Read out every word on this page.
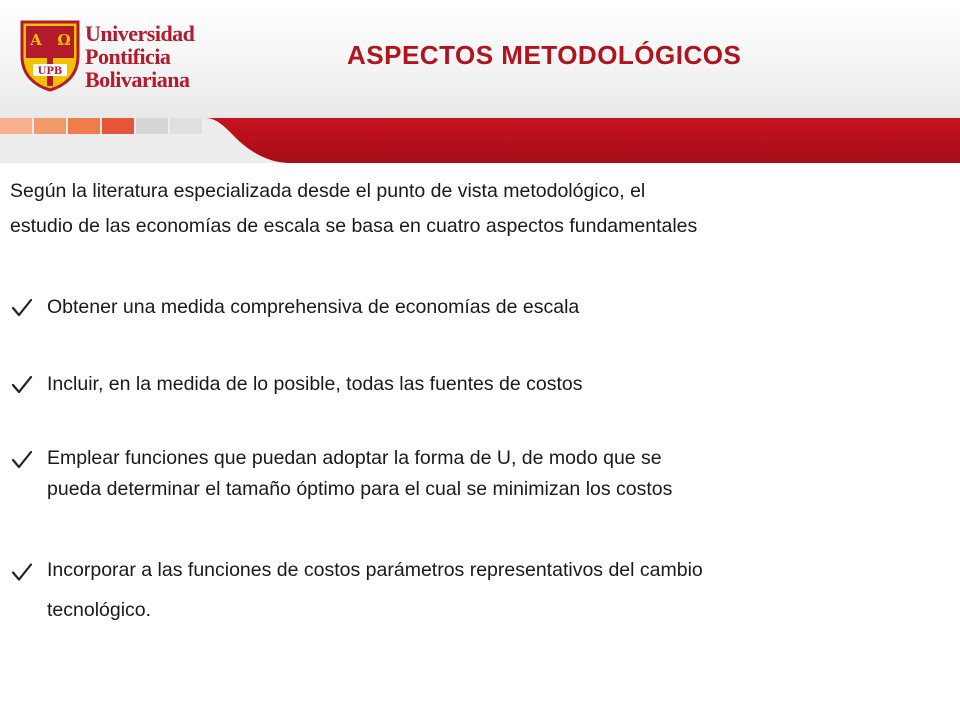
A Ω
UPB
Universidad
Pontificia
Bolivariana
ASPECTOS METODOLÓGICOS

Según la literatura especializada desde el punto de vista metodológico, el
estudio de las economías de escala se basa en cuatro aspectos fundamentales

Obtener una medida comprehensiva de economías de escala
Incluir, en la medida de lo posible, todas las fuentes de costos
Emplear funciones que puedan adoptar la forma de U, de modo que se
pueda determinar el tamaño óptimo para el cual se minimizan los costos
Incorporar a las funciones de costos parámetros representativos del cambio
tecnológico.
